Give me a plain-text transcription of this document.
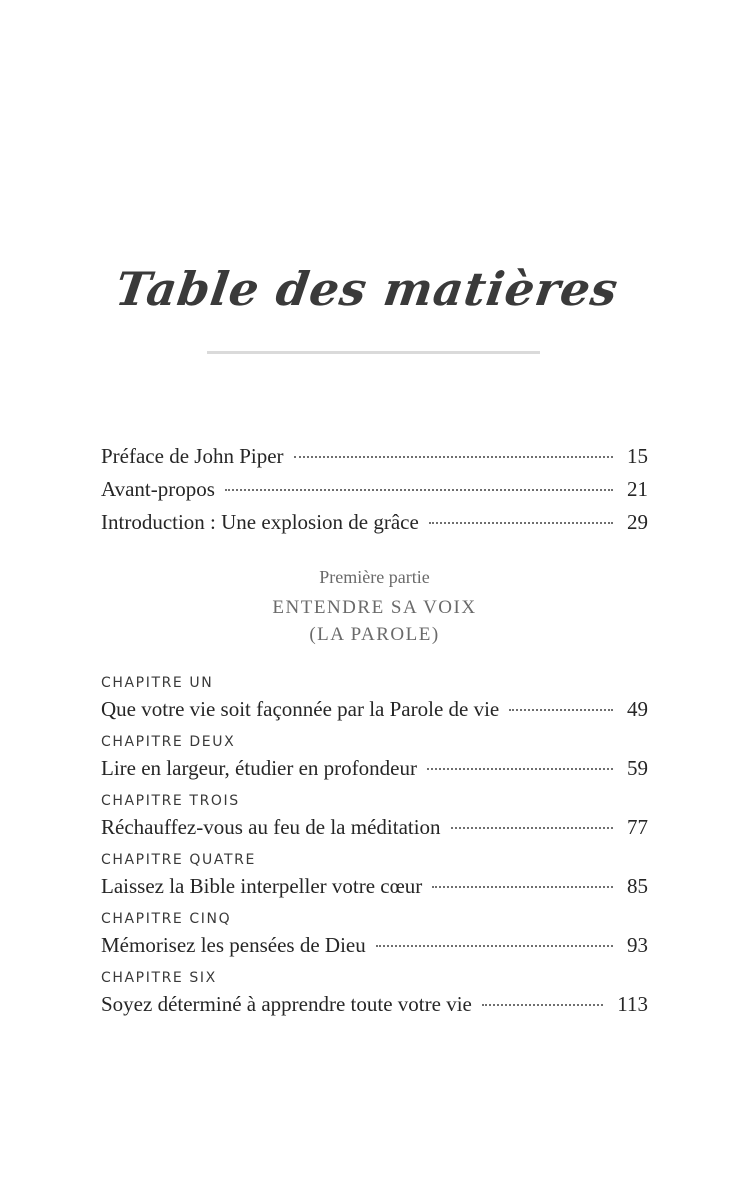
Table des matières
Préface de John Piper	15
Avant-propos	21
Introduction : Une explosion de grâce	29
Première partie
ENTENDRE SA VOIX
(LA PAROLE)
CHAPITRE UN
Que votre vie soit façonnée par la Parole de vie	49
CHAPITRE DEUX
Lire en largeur, étudier en profondeur	59
CHAPITRE TROIS
Réchauffez-vous au feu de la méditation	77
CHAPITRE QUATRE
Laissez la Bible interpeller votre cœur	85
CHAPITRE CINQ
Mémorisez les pensées de Dieu	93
CHAPITRE SIX
Soyez déterminé à apprendre toute votre vie	113
